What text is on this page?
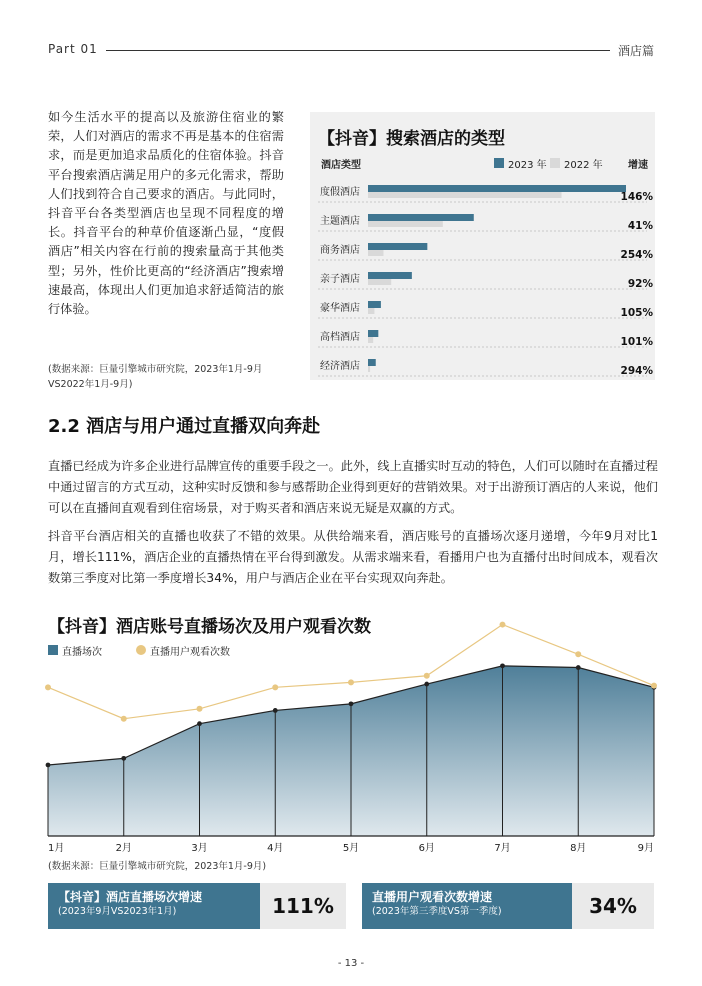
Part 01	酒店篇

如今生活水平的提高以及旅游住宿业的繁荣，人们对酒店的需求不再是基本的住宿需求，而是更加追求品质化的住宿体验。抖音平台搜索酒店满足用户的多元化需求，帮助人们找到符合自己要求的酒店。与此同时，抖音平台各类型酒店也呈现不同程度的增长。抖音平台的种草价值逐渐凸显，“度假酒店”相关内容在行前的搜索量高于其他类型；另外，性价比更高的“经济酒店”搜索增速最高，体现出人们更加追求舒适简洁的旅行体验。

(数据来源：巨量引擎城市研究院，2023年1月-9月VS2022年1月-9月)

【抖音】搜索酒店的类型
酒店类型	2023 年 2022 年	增速
度假酒店	146%
主题酒店	41%
商务酒店	254%
亲子酒店	92%
豪华酒店	105%
高档酒店	101%
经济酒店	294%
2.2 酒店与用户通过直播双向奔赴

直播已经成为许多企业进行品牌宣传的重要手段之一。此外，线上直播实时互动的特色，人们可以随时在直播过程中通过留言的方式互动，这种实时反馈和参与感帮助企业得到更好的营销效果。对于出游预订酒店的人来说，他们可以在直播间直观看到住宿场景，对于购买者和酒店来说无疑是双赢的方式。

抖音平台酒店相关的直播也收获了不错的效果。从供给端来看，酒店账号的直播场次逐月递增，今年9月对比1月，增长111%，酒店企业的直播热情在平台得到激发。从需求端来看，看播用户也为直播付出时间成本，观看次数第三季度对比第一季度增长34%，用户与酒店企业在平台实现双向奔赴。

1月	2月	3月	4月	5月	6月	7月	8月	9月
【抖音】酒店账号直播场次及用户观看次数
直播场次	直播用户观看次数

(数据来源：巨量引擎城市研究院，2023年1月-9月)

【抖音】酒店直播场次增速
(2023年9月VS2023年1月)	111%	直播用户观看次数增速
(2023年第三季度VS第一季度)	34%
- 13 -
